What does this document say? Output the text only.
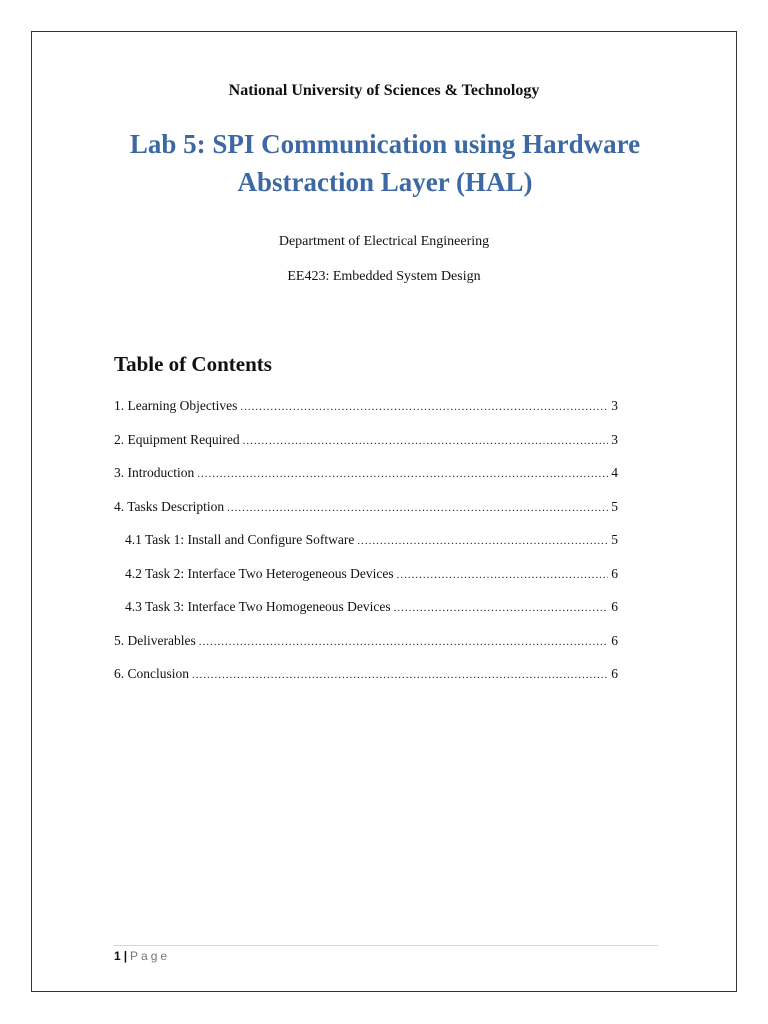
National University of Sciences & Technology
Lab 5: SPI Communication using Hardware Abstraction Layer (HAL)
Department of Electrical Engineering
EE423: Embedded System Design
Table of Contents
1. Learning Objectives .....	3
2. Equipment Required .....	3
3. Introduction .....	4
4. Tasks Description .....	5
4.1 Task 1: Install and Configure Software .....	5
4.2 Task 2: Interface Two Heterogeneous Devices .....	6
4.3 Task 3: Interface Two Homogeneous Devices .....	6
5. Deliverables .....	6
6. Conclusion .....	6
1 | Page
